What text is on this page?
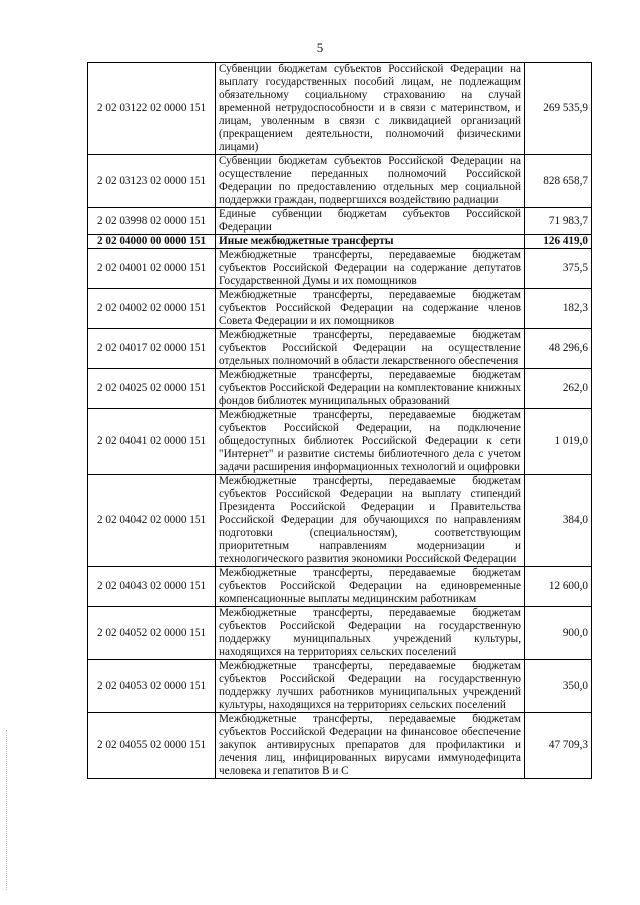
5
2 02 03122 02 0000 151	Субвенции бюджетам субъектов Российской Федерации на выплату государственных пособий лицам, не подлежащим обязательному социальному страхованию на случай временной нетрудоспособности и в связи с материнством, и лицам, уволенным в связи с ликвидацией организаций (прекращением деятельности, полномочий физическими лицами)	269 535,9
2 02 03123 02 0000 151	Субвенции бюджетам субъектов Российской Федерации на осуществление переданных полномочий Российской Федерации по предоставлению отдельных мер социальной поддержки граждан, подвергшихся воздействию радиации	828 658,7
2 02 03998 02 0000 151	Единые субвенции бюджетам субъектов Российской Федерации	71 983,7
2 02 04000 00 0000 151	Иные межбюджетные трансферты	126 419,0
2 02 04001 02 0000 151	Межбюджетные трансферты, передаваемые бюджетам субъектов Российской Федерации на содержание депутатов Государственной Думы и их помощников	375,5
2 02 04002 02 0000 151	Межбюджетные трансферты, передаваемые бюджетам субъектов Российской Федерации на содержание членов Совета Федерации и их помощников	182,3
2 02 04017 02 0000 151	Межбюджетные трансферты, передаваемые бюджетам субъектов Российской Федерации на осуществление отдельных полномочий в области лекарственного обеспечения	48 296,6
2 02 04025 02 0000 151	Межбюджетные трансферты, передаваемые бюджетам субъектов Российской Федерации на комплектование книжных фондов библиотек муниципальных образований	262,0
2 02 04041 02 0000 151	Межбюджетные трансферты, передаваемые бюджетам субъектов Российской Федерации, на подключение общедоступных библиотек Российской Федерации к сети "Интернет" и развитие системы библиотечного дела с учетом задачи расширения информационных технологий и оцифровки	1 019,0
2 02 04042 02 0000 151	Межбюджетные трансферты, передаваемые бюджетам субъектов Российской Федерации на выплату стипендий Президента Российской Федерации и Правительства Российской Федерации для обучающихся по направлениям подготовки (специальностям), соответствующим приоритетным направлениям модернизации и технологического развития экономики Российской Федерации	384,0
2 02 04043 02 0000 151	Межбюджетные трансферты, передаваемые бюджетам субъектов Российской Федерации на единовременные компенсационные выплаты медицинским работникам	12 600,0
2 02 04052 02 0000 151	Межбюджетные трансферты, передаваемые бюджетам субъектов Российской Федерации на государственную поддержку муниципальных учреждений культуры, находящихся на территориях сельских поселений	900,0
2 02 04053 02 0000 151	Межбюджетные трансферты, передаваемые бюджетам субъектов Российской Федерации на государственную поддержку лучших работников муниципальных учреждений культуры, находящихся на территориях сельских поселений	350,0
2 02 04055 02 0000 151	Межбюджетные трансферты, передаваемые бюджетам субъектов Российской Федерации на финансовое обеспечение закупок антивирусных препаратов для профилактики и лечения лиц, инфицированных вирусами иммунодефицита человека и гепатитов В и С	47 709,3
